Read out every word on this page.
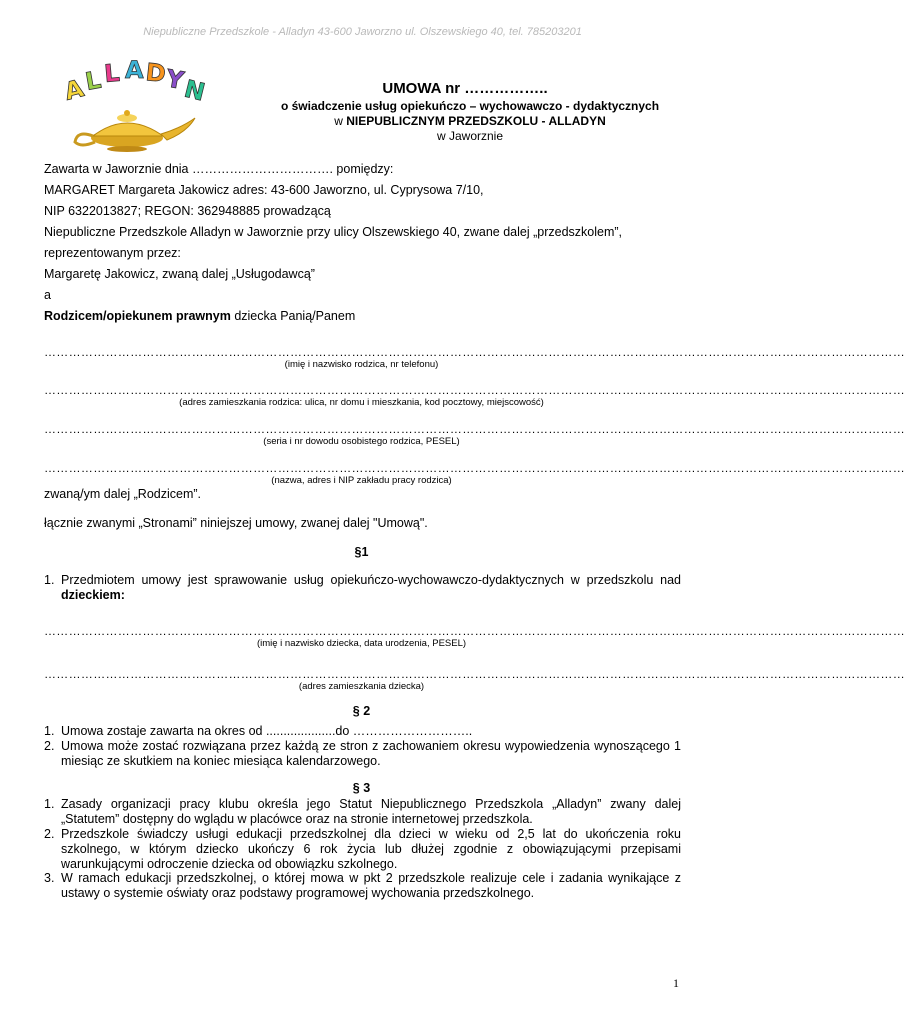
Niepubliczne Przedszkole - Alladyn 43-600 Jaworzno ul. Olszewskiego 40, tel. 785203201
A
L L A D
Y
N	UMOWA nr ……………..
o świadczenie usług opiekuńczo – wychowawczo - dydaktycznych
w NIEPUBLICZNYM PRZEDSZKOLU - ALLADYN
w Jaworznie
Zawarta w Jaworznie dnia ……………………………. pomiędzy:
MARGARET Margareta Jakowicz adres: 43-600 Jaworzno, ul. Cyprysowa 7/10,
NIP 6322013827; REGON: 362948885 prowadzącą
Niepubliczne Przedszkole Alladyn w Jaworznie przy ulicy Olszewskiego 40, zwane dalej „przedszkolem”,
reprezentowanym przez:
Margaretę Jakowicz, zwaną dalej „Usługodawcą”
a
Rodzicem/opiekunem prawnym dziecka Panią/Panem
…………………………………………………………………………………………………………………………………………………………………………………………
(imię i nazwisko rodzica, nr telefonu)
…………………………………………………………………………………………………………………………………………………………………………………………
(adres zamieszkania rodzica: ulica, nr domu i mieszkania, kod pocztowy, miejscowość)
…………………………………………………………………………………………………………………………………………………………………………………………
(seria i nr dowodu osobistego rodzica, PESEL)
…………………………………………………………………………………………………………………………………………………………………………………………
(nazwa, adres i NIP zakładu pracy rodzica)
zwaną/ym dalej „Rodzicem”.
łącznie zwanymi „Stronami” niniejszej umowy, zwanej dalej "Umową".
§1
1. Przedmiotem umowy jest sprawowanie usług opiekuńczo-wychowawczo-dydaktycznych w przedszkolu nad dzieckiem:
…………………………………………………………………………………………………………………………………………………………………………………………
(imię i nazwisko dziecka, data urodzenia, PESEL)
…………………………………………………………………………………………………………………………………………………………………………………………
(adres zamieszkania dziecka)
§ 2
1. Umowa zostaje zawarta na okres od ....................do ………………………..
2. Umowa może zostać rozwiązana przez każdą ze stron z zachowaniem okresu wypowiedzenia wynoszącego 1 miesiąc ze skutkiem na koniec miesiąca kalendarzowego.
§ 3
1. Zasady organizacji pracy klubu określa jego Statut Niepublicznego Przedszkola „Alladyn” zwany dalej „Statutem” dostępny do wglądu w placówce oraz na stronie internetowej przedszkola.
2. Przedszkole świadczy usługi edukacji przedszkolnej dla dzieci w wieku od 2,5 lat do ukończenia roku szkolnego, w którym dziecko ukończy 6 rok życia lub dłużej zgodnie z obowiązującymi przepisami warunkującymi odroczenie dziecka od obowiązku szkolnego.
3. W ramach edukacji przedszkolnej, o której mowa w pkt 2 przedszkole realizuje cele i zadania wynikające z ustawy o systemie oświaty oraz podstawy programowej wychowania przedszkolnego.
1
